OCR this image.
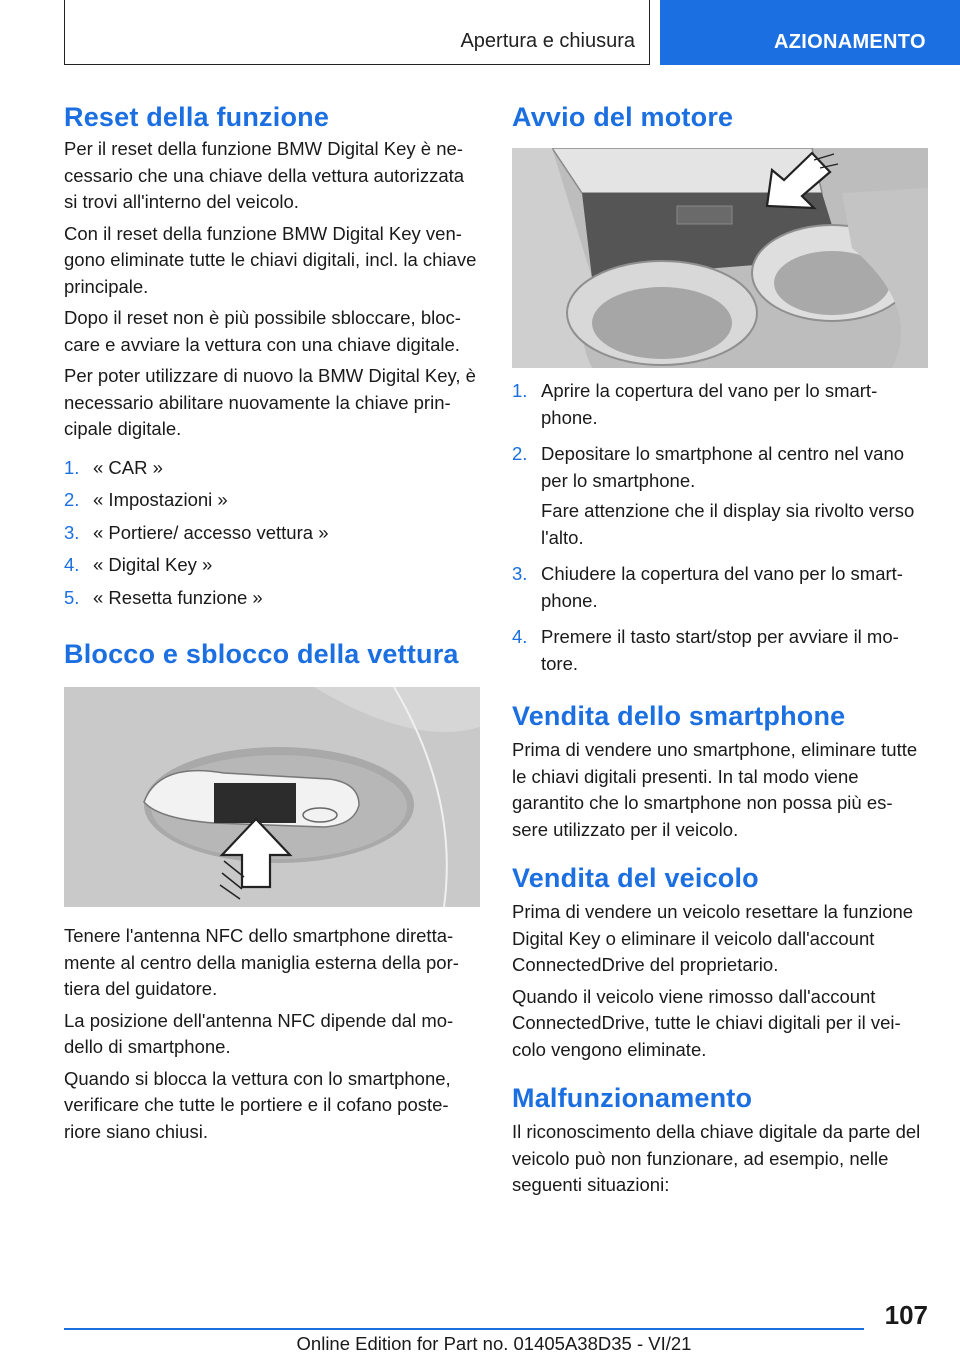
Apertura e chiusura	AZIONAMENTO
Reset della funzione

Per il reset della funzione BMW Digital Key è ne-cessario che una chiave della vettura autorizzata si trovi all'interno del veicolo.

Con il reset della funzione BMW Digital Key ven-gono eliminate tutte le chiavi digitali, incl. la chiave principale.

Dopo il reset non è più possibile sbloccare, bloc-care e avviare la vettura con una chiave digitale.

Per poter utilizzare di nuovo la BMW Digital Key, è necessario abilitare nuovamente la chiave prin-cipale digitale.

1. « CAR »
2. « Impostazioni »
3. « Portiere/ accesso vettura »
4. « Digital Key »
5. « Resetta funzione »
Blocco e sblocco della vettura

Tenere l'antenna NFC dello smartphone diretta-mente al centro della maniglia esterna della por-tiera del guidatore.

La posizione dell'antenna NFC dipende dal mo-dello di smartphone.

Quando si blocca la vettura con lo smartphone, verificare che tutte le portiere e il cofano poste-riore siano chiusi.

Avvio del motore
1. Aprire la copertura del vano per lo smart-phone.

2. Depositare lo smartphone al centro nel vano per lo smartphone.

Fare attenzione che il display sia rivolto verso l'alto.

3. Chiudere la copertura del vano per lo smart-phone.

4. Premere il tasto start/stop per avviare il mo-tore.

Vendita dello smartphone

Prima di vendere uno smartphone, eliminare tutte le chiavi digitali presenti. In tal modo viene garantito che lo smartphone non possa più es-sere utilizzato per il veicolo.

Vendita del veicolo

Prima di vendere un veicolo resettare la funzione Digital Key o eliminare il veicolo dall'account ConnectedDrive del proprietario.

Quando il veicolo viene rimosso dall'account ConnectedDrive, tutte le chiavi digitali per il vei-colo vengono eliminate.

Malfunzionamento

Il riconoscimento della chiave digitale da parte del veicolo può non funzionare, ad esempio, nelle seguenti situazioni:

107
Online Edition for Part no. 01405A38D35 - VI/21
